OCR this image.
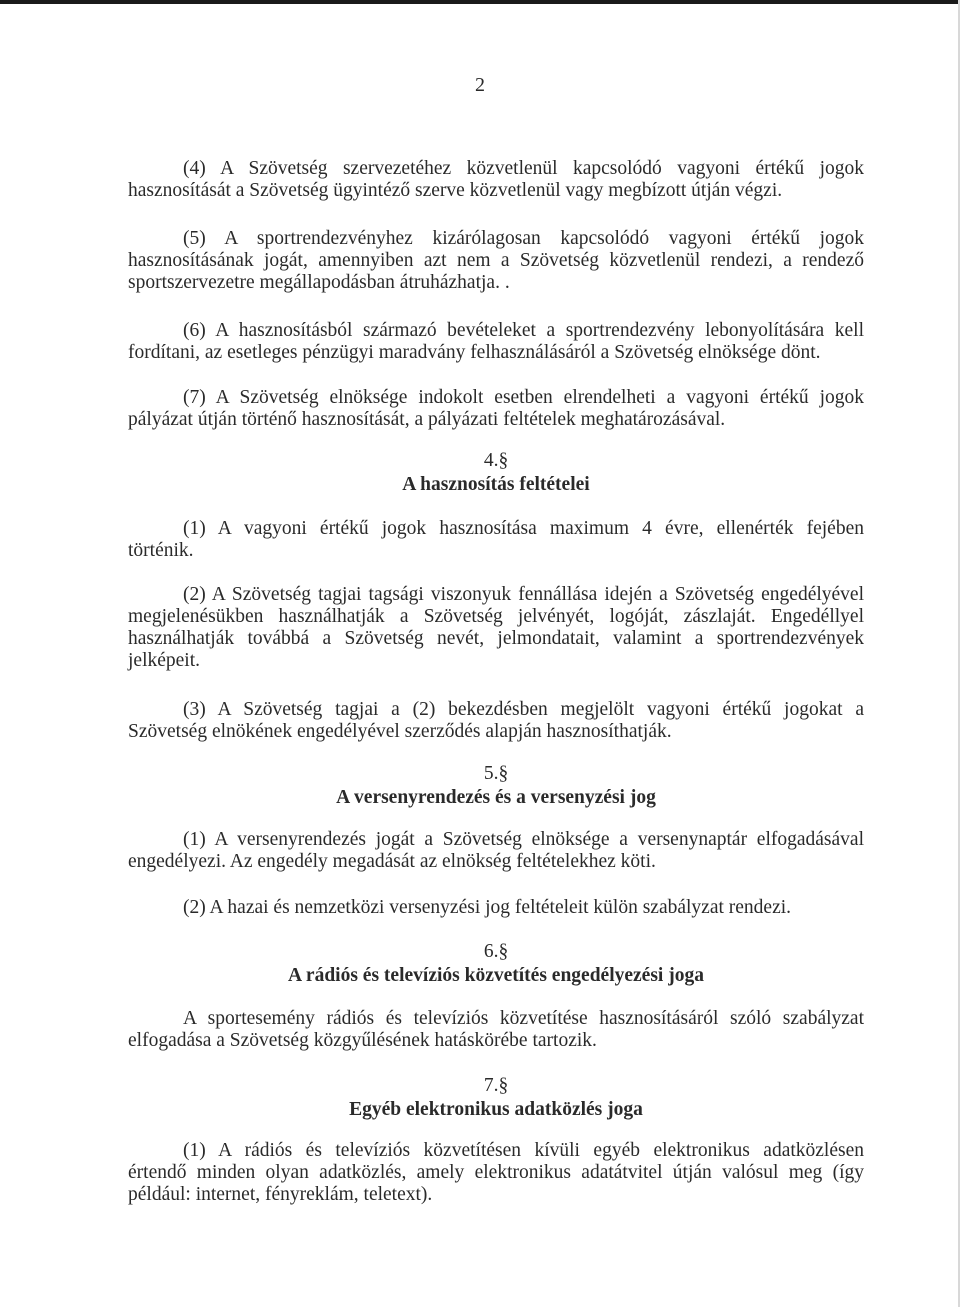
2
(4) A Szövetség szervezetéhez közvetlenül kapcsolódó vagyoni értékű jogok
hasznosítását a Szövetség ügyintéző szerve közvetlenül vagy megbízott útján végzi.
(5) A sportrendezvényhez kizárólagosan kapcsolódó vagyoni értékű jogok
hasznosításának jogát, amennyiben azt nem a Szövetség közvetlenül rendezi, a rendező
sportszervezetre megállapodásban átruházhatja. .
(6) A hasznosításból származó bevételeket a sportrendezvény lebonyolítására kell
fordítani, az esetleges pénzügyi maradvány felhasználásáról a Szövetség elnöksége dönt.
(7) A Szövetség elnöksége indokolt esetben elrendelheti a vagyoni értékű jogok
pályázat útján történő hasznosítását, a pályázati feltételek meghatározásával.
4.§
A hasznosítás feltételei
(1) A vagyoni értékű jogok hasznosítása maximum 4 évre, ellenérték fejében
történik.
(2) A Szövetség tagjai tagsági viszonyuk fennállása idején a Szövetség engedélyével
megjelenésükben használhatják a Szövetség jelvényét, logóját, zászlaját. Engedéllyel
használhatják továbbá a Szövetség nevét, jelmondatait, valamint a sportrendezvények
jelképeit.
(3) A Szövetség tagjai a (2) bekezdésben megjelölt vagyoni értékű jogokat a
Szövetség elnökének engedélyével szerződés alapján hasznosíthatják.
5.§
A versenyrendezés és a versenyzési jog
(1) A versenyrendezés jogát a Szövetség elnöksége a versenynaptár elfogadásával
engedélyezi. Az engedély megadását az elnökség feltételekhez köti.
(2) A hazai és nemzetközi versenyzési jog feltételeit külön szabályzat rendezi.
6.§
A rádiós és televíziós közvetítés engedélyezési joga
A sportesemény rádiós és televíziós közvetítése hasznosításáról szóló szabályzat
elfogadása a Szövetség közgyűlésének hatáskörébe tartozik.
7.§
Egyéb elektronikus adatközlés joga
(1) A rádiós és televíziós közvetítésen kívüli egyéb elektronikus adatközlésen
értendő minden olyan adatközlés, amely elektronikus adatátvitel útján valósul meg (így
például: internet, fényreklám, teletext).
